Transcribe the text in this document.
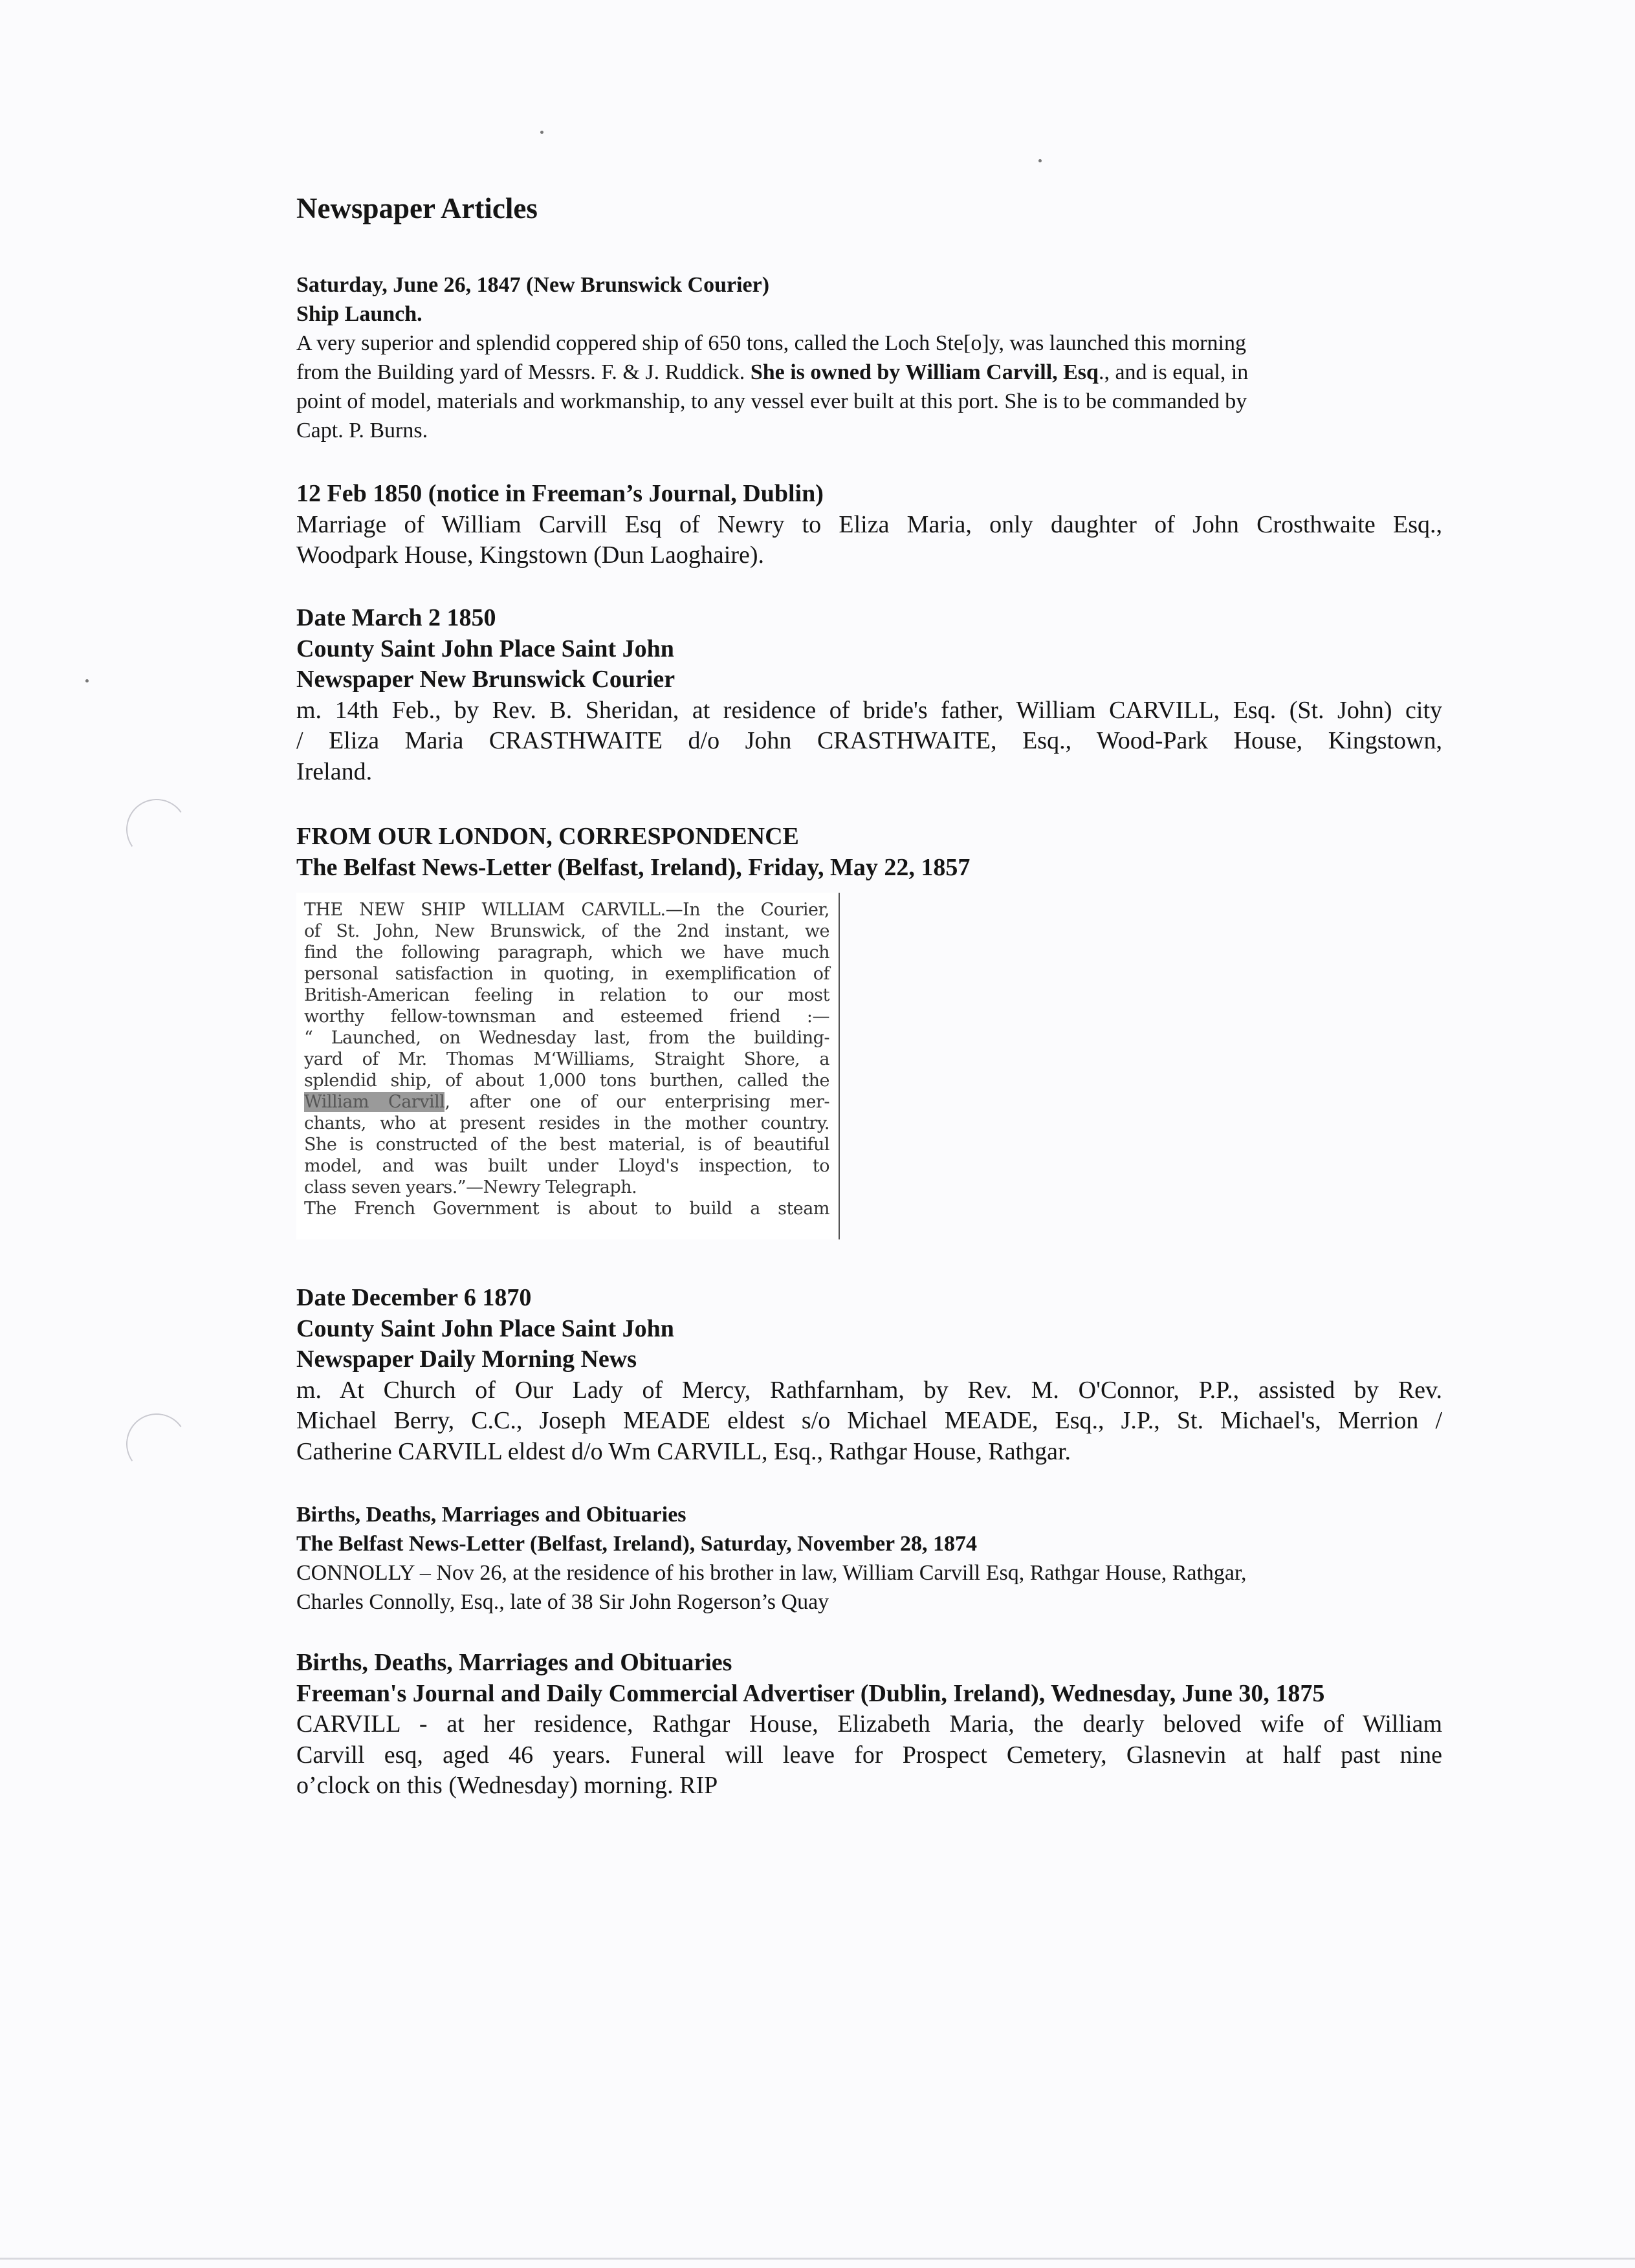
Newspaper Articles
Saturday, June 26, 1847 (New Brunswick Courier)
Ship Launch.
A very superior and splendid coppered ship of 650 tons, called the Loch Ste[o]y, was launched this morning
from the Building yard of Messrs. F. & J. Ruddick. She is owned by William Carvill, Esq., and is equal, in
point of model, materials and workmanship, to any vessel ever built at this port. She is to be commanded by
Capt. P. Burns.
12 Feb 1850 (notice in Freeman’s Journal, Dublin)
Marriage of William Carvill Esq of Newry to Eliza Maria, only daughter of John Crosthwaite Esq.,
Woodpark House, Kingstown (Dun Laoghaire).
Date March 2 1850
County Saint John Place Saint John
Newspaper New Brunswick Courier
m. 14th Feb., by Rev. B. Sheridan, at residence of bride's father, William CARVILL, Esq. (St. John) city
/ Eliza Maria CRASTHWAITE d/o John CRASTHWAITE, Esq., Wood-Park House, Kingstown,
Ireland.
FROM OUR LONDON, CORRESPONDENCE
The Belfast News-Letter (Belfast, Ireland), Friday, May 22, 1857
Date December 6 1870
County Saint John Place Saint John
Newspaper Daily Morning News
m. At Church of Our Lady of Mercy, Rathfarnham, by Rev. M. O'Connor, P.P., assisted by Rev.
Michael Berry, C.C., Joseph MEADE eldest s/o Michael MEADE, Esq., J.P., St. Michael's, Merrion /
Catherine CARVILL eldest d/o Wm CARVILL, Esq., Rathgar House, Rathgar.
Births, Deaths, Marriages and Obituaries
The Belfast News-Letter (Belfast, Ireland), Saturday, November 28, 1874
CONNOLLY – Nov 26, at the residence of his brother in law, William Carvill Esq, Rathgar House, Rathgar,
Charles Connolly, Esq., late of 38 Sir John Rogerson’s Quay
Births, Deaths, Marriages and Obituaries
Freeman's Journal and Daily Commercial Advertiser (Dublin, Ireland), Wednesday, June 30, 1875
CARVILL - at her residence, Rathgar House, Elizabeth Maria, the dearly beloved wife of William
Carvill esq, aged 46 years. Funeral will leave for Prospect Cemetery, Glasnevin at half past nine
o’clock on this (Wednesday) morning. RIP
THE NEW SHIP WILLIAM CARVILL.—In the Courier,
of St. John, New Brunswick, of the 2nd instant, we
find the following paragraph, which we have much
personal satisfaction in quoting, in exemplification of
British-American feeling in relation to our most
worthy fellow-townsman and esteemed friend :—
“ Launched, on Wednesday last, from the building-
yard of Mr. Thomas M‘Williams, Straight Shore, a
splendid ship, of about 1,000 tons burthen, called the
William Carvill, after one of our enterprising mer-
chants, who at present resides in the mother country.
She is constructed of the best material, is of beautiful
model, and was built under Lloyd's inspection, to
class seven years.”—Newry Telegraph.
The French Government is about to build a steam
